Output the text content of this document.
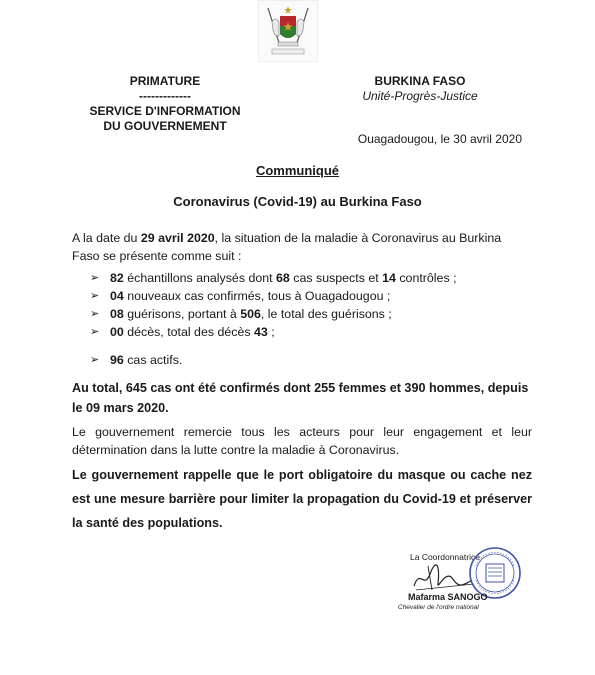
PRIMATURE
-------------
SERVICE D'INFORMATION
DU GOUVERNEMENT
BURKINA FASO
Unité-Progrès-Justice
Ouagadougou, le 30 avril 2020
Communiqué
Coronavirus (Covid-19) au Burkina Faso
A la date du 29 avril 2020, la situation de la maladie à Coronavirus au Burkina Faso se présente comme suit :
➢ 82 échantillons analysés dont 68 cas suspects et 14 contrôles ;
➢ 04 nouveaux cas confirmés, tous à Ouagadougou ;
➢ 08 guérisons, portant à 506, le total des guérisons ;
➢ 00 décès, total des décès 43 ;
➢ 96 cas actifs.
Au total, 645 cas ont été confirmés dont 255 femmes et 390 hommes, depuis le 09 mars 2020.
Le gouvernement remercie tous les acteurs pour leur engagement et leur détermination dans la lutte contre la maladie à Coronavirus.
Le gouvernement rappelle que le port obligatoire du masque ou cache nez est une mesure barrière pour limiter la propagation du Covid-19 et préserver la santé des populations.
La Coordonnatrice
Mafarma SANOGO
Chevalier de l'ordre national
